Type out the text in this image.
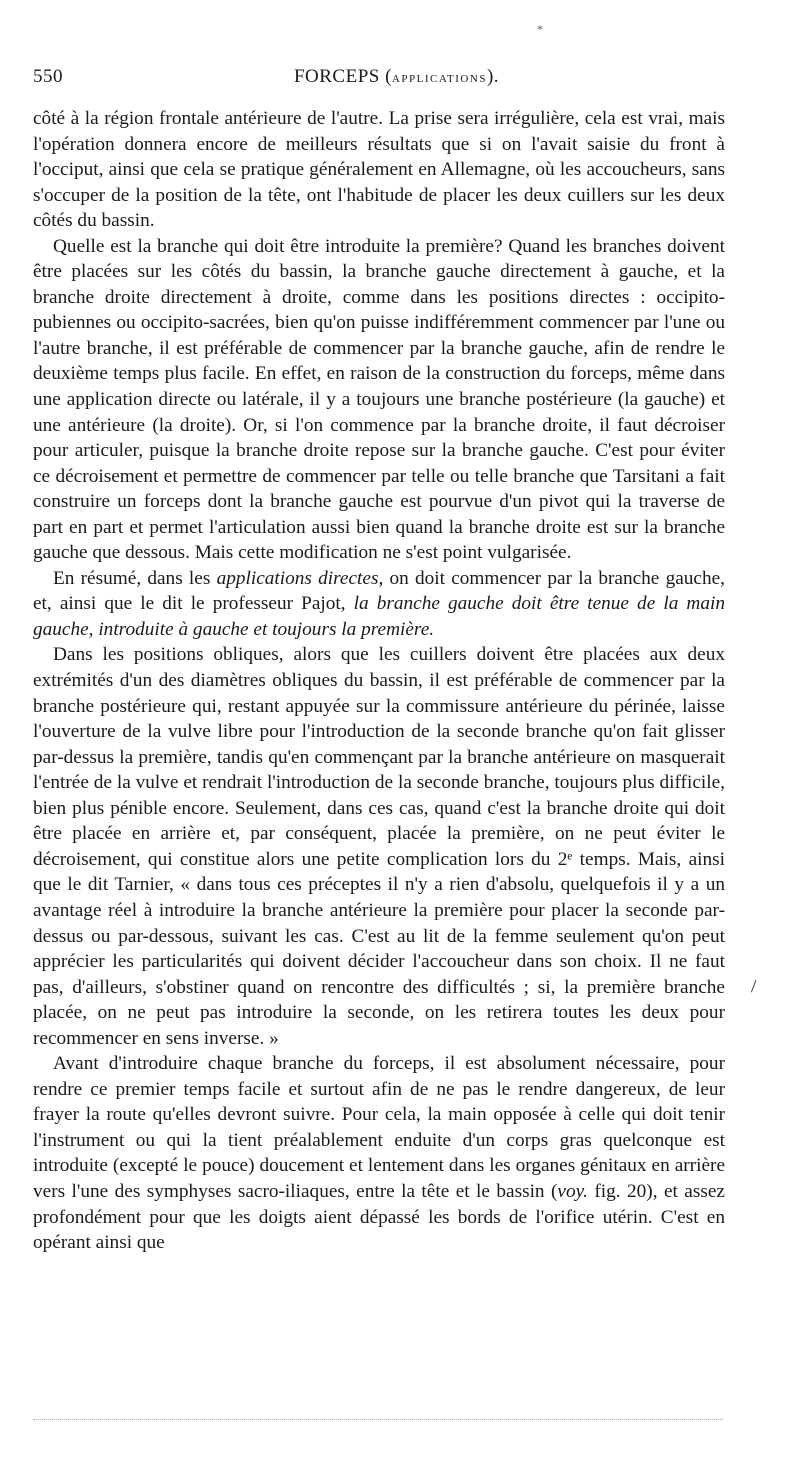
*
550	FORCEPS (applications).

côté à la région frontale antérieure de l'autre. La prise sera irrégulière, cela est vrai, mais l'opération donnera encore de meilleurs résultats que si on l'avait saisie du front à l'occiput, ainsi que cela se pratique généralement en Allemagne, où les accoucheurs, sans s'occuper de la position de la tête, ont l'habitude de placer les deux cuillers sur les deux côtés du bassin.

Quelle est la branche qui doit être introduite la première? Quand les branches doivent être placées sur les côtés du bassin, la branche gauche directement à gauche, et la branche droite directement à droite, comme dans les positions directes : occipito-pubiennes ou occipito-sacrées, bien qu'on puisse indifféremment commencer par l'une ou l'autre branche, il est préférable de commencer par la branche gauche, afin de rendre le deuxième temps plus facile. En effet, en raison de la construction du forceps, même dans une application directe ou latérale, il y a toujours une branche postérieure (la gauche) et une antérieure (la droite). Or, si l'on commence par la branche droite, il faut décroiser pour articuler, puisque la branche droite repose sur la branche gauche. C'est pour éviter ce décroisement et permettre de commencer par telle ou telle branche que Tarsitani a fait construire un forceps dont la branche gauche est pourvue d'un pivot qui la traverse de part en part et permet l'articulation aussi bien quand la branche droite est sur la branche gauche que dessous. Mais cette modification ne s'est point vulgarisée.

En résumé, dans les applications directes, on doit commencer par la branche gauche, et, ainsi que le dit le professeur Pajot, la branche gauche doit être tenue de la main gauche, introduite à gauche et toujours la première.

Dans les positions obliques, alors que les cuillers doivent être placées aux deux extrémités d'un des diamètres obliques du bassin, il est préférable de commencer par la branche postérieure qui, restant appuyée sur la commissure antérieure du périnée, laisse l'ouverture de la vulve libre pour l'introduction de la seconde branche qu'on fait glisser par-dessus la première, tandis qu'en commençant par la branche antérieure on masquerait l'entrée de la vulve et rendrait l'introduction de la seconde branche, toujours plus difficile, bien plus pénible encore. Seulement, dans ces cas, quand c'est la branche droite qui doit être placée en arrière et, par conséquent, placée la première, on ne peut éviter le décroisement, qui constitue alors une petite complication lors du 2ᵉ temps. Mais, ainsi que le dit Tarnier, « dans tous ces préceptes il n'y a rien d'absolu, quelquefois il y a un avantage réel à introduire la branche antérieure la première pour placer la seconde par-dessus ou par-dessous, suivant les cas. C'est au lit de la femme seulement qu'on peut apprécier les particularités qui doivent décider l'accoucheur dans son choix. Il ne faut pas, d'ailleurs, s'obstiner quand on rencontre des difficultés ; si, la première branche placée, on ne peut pas introduire la seconde, on les retirera toutes les deux pour recommencer en sens inverse. »

Avant d'introduire chaque branche du forceps, il est absolument nécessaire, pour rendre ce premier temps facile et surtout afin de ne pas le rendre dangereux, de leur frayer la route qu'elles devront suivre. Pour cela, la main opposée à celle qui doit tenir l'instrument ou qui la tient préalablement enduite d'un corps gras quelconque est introduite (excepté le pouce) doucement et lentement dans les organes génitaux en arrière vers l'une des symphyses sacro-iliaques, entre la tête et le bassin (voy. fig. 20), et assez profondément pour que les doigts aient dépassé les bords de l'orifice utérin. C'est en opérant ainsi que

\
